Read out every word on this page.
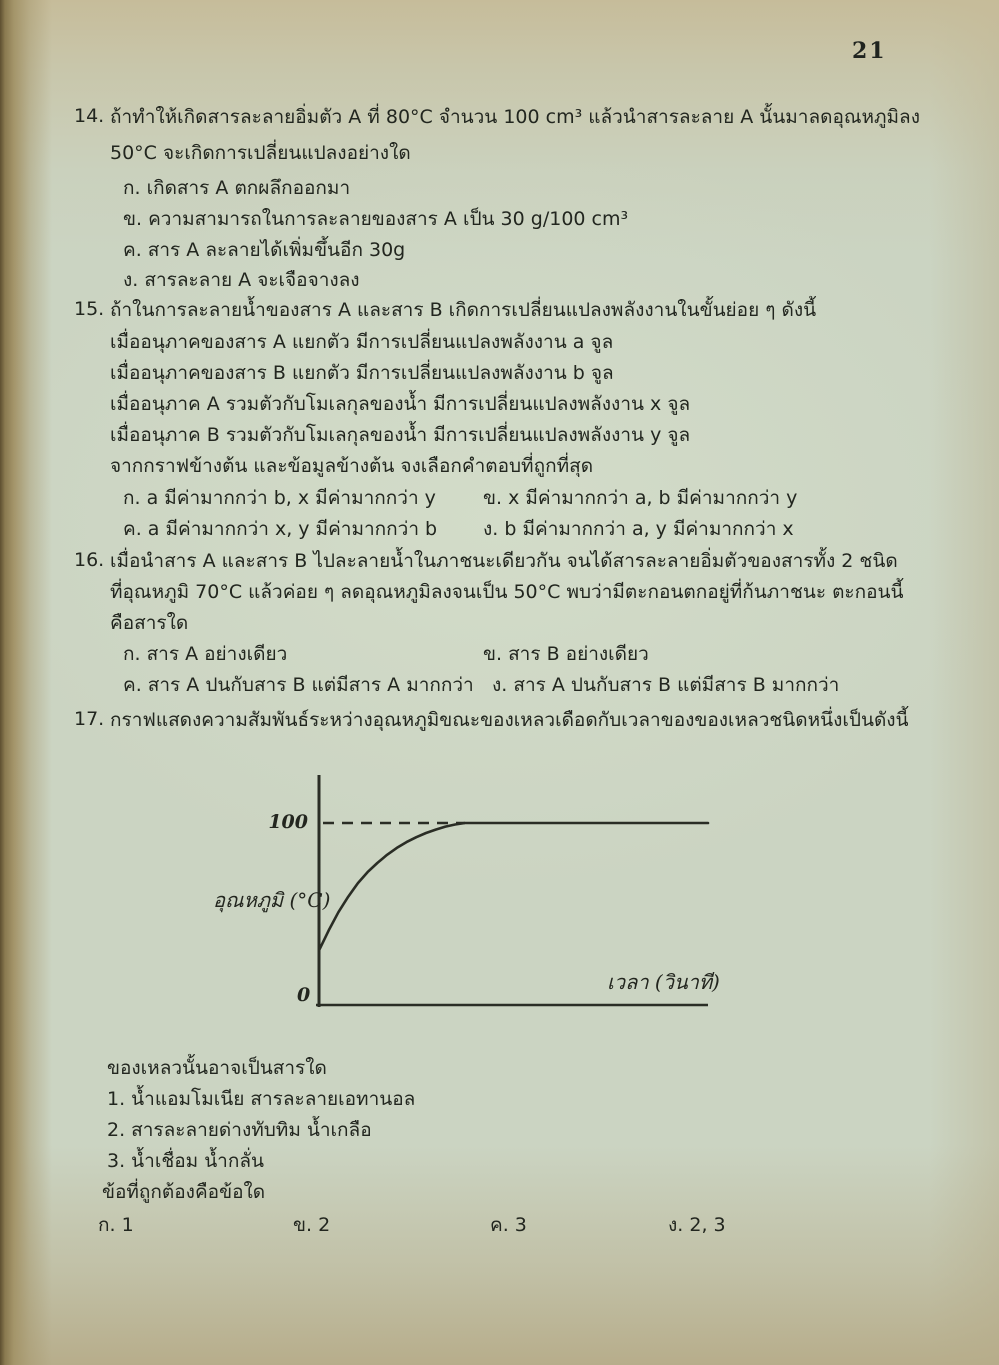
21
14. ถ้าทำให้เกิดสารละลายอิ่มตัว A ที่ 80°C จำนวน 100 cm³ แล้วนำสารละลาย A นั้นมาลดอุณหภูมิลง
50°C จะเกิดการเปลี่ยนแปลงอย่างใด
ก. เกิดสาร A ตกผลึกออกมา
ข. ความสามารถในการละลายของสาร A เป็น 30 g/100 cm³
ค. สาร A ละลายได้เพิ่มขึ้นอีก 30g
ง. สารละลาย A จะเจือจางลง
15. ถ้าในการละลายน้ำของสาร A และสาร B เกิดการเปลี่ยนแปลงพลังงานในขั้นย่อย ๆ ดังนี้
เมื่ออนุภาคของสาร A แยกตัว มีการเปลี่ยนแปลงพลังงาน a จูล
เมื่ออนุภาคของสาร B แยกตัว มีการเปลี่ยนแปลงพลังงาน b จูล
เมื่ออนุภาค A รวมตัวกับโมเลกุลของน้ำ มีการเปลี่ยนแปลงพลังงาน x จูล
เมื่ออนุภาค B รวมตัวกับโมเลกุลของน้ำ มีการเปลี่ยนแปลงพลังงาน y จูล
จากกราฟข้างต้น และข้อมูลข้างต้น จงเลือกคำตอบที่ถูกที่สุด
ก. a มีค่ามากกว่า b, x มีค่ามากกว่า y ข. x มีค่ามากกว่า a, b มีค่ามากกว่า y
ค. a มีค่ามากกว่า x, y มีค่ามากกว่า b ง. b มีค่ามากกว่า a, y มีค่ามากกว่า x
16. เมื่อนำสาร A และสาร B ไปละลายน้ำในภาชนะเดียวกัน จนได้สารละลายอิ่มตัวของสารทั้ง 2 ชนิด
ที่อุณหภูมิ 70°C แล้วค่อย ๆ ลดอุณหภูมิลงจนเป็น 50°C พบว่ามีตะกอนตกอยู่ที่ก้นภาชนะ ตะกอนนี้
คือสารใด
ก. สาร A อย่างเดียว	ข. สาร B อย่างเดียว
ค. สาร A ปนกับสาร B แต่มีสาร A มากกว่า ง. สาร A ปนกับสาร B แต่มีสาร B มากกว่า
17. กราฟแสดงความสัมพันธ์ระหว่างอุณหภูมิขณะของเหลวเดือดกับเวลาของของเหลวชนิดหนึ่งเป็นดังนี้
100
0
อุณหภูมิ (°C)
เวลา (วินาที)
ของเหลวนั้นอาจเป็นสารใด
1. น้ำแอมโมเนีย สารละลายเอทานอล
2. สารละลายด่างทับทิม น้ำเกลือ
3. น้ำเชื่อม น้ำกลั่น
ข้อที่ถูกต้องคือข้อใด
ก. 1	ข. 2	ค. 3	ง. 2, 3
